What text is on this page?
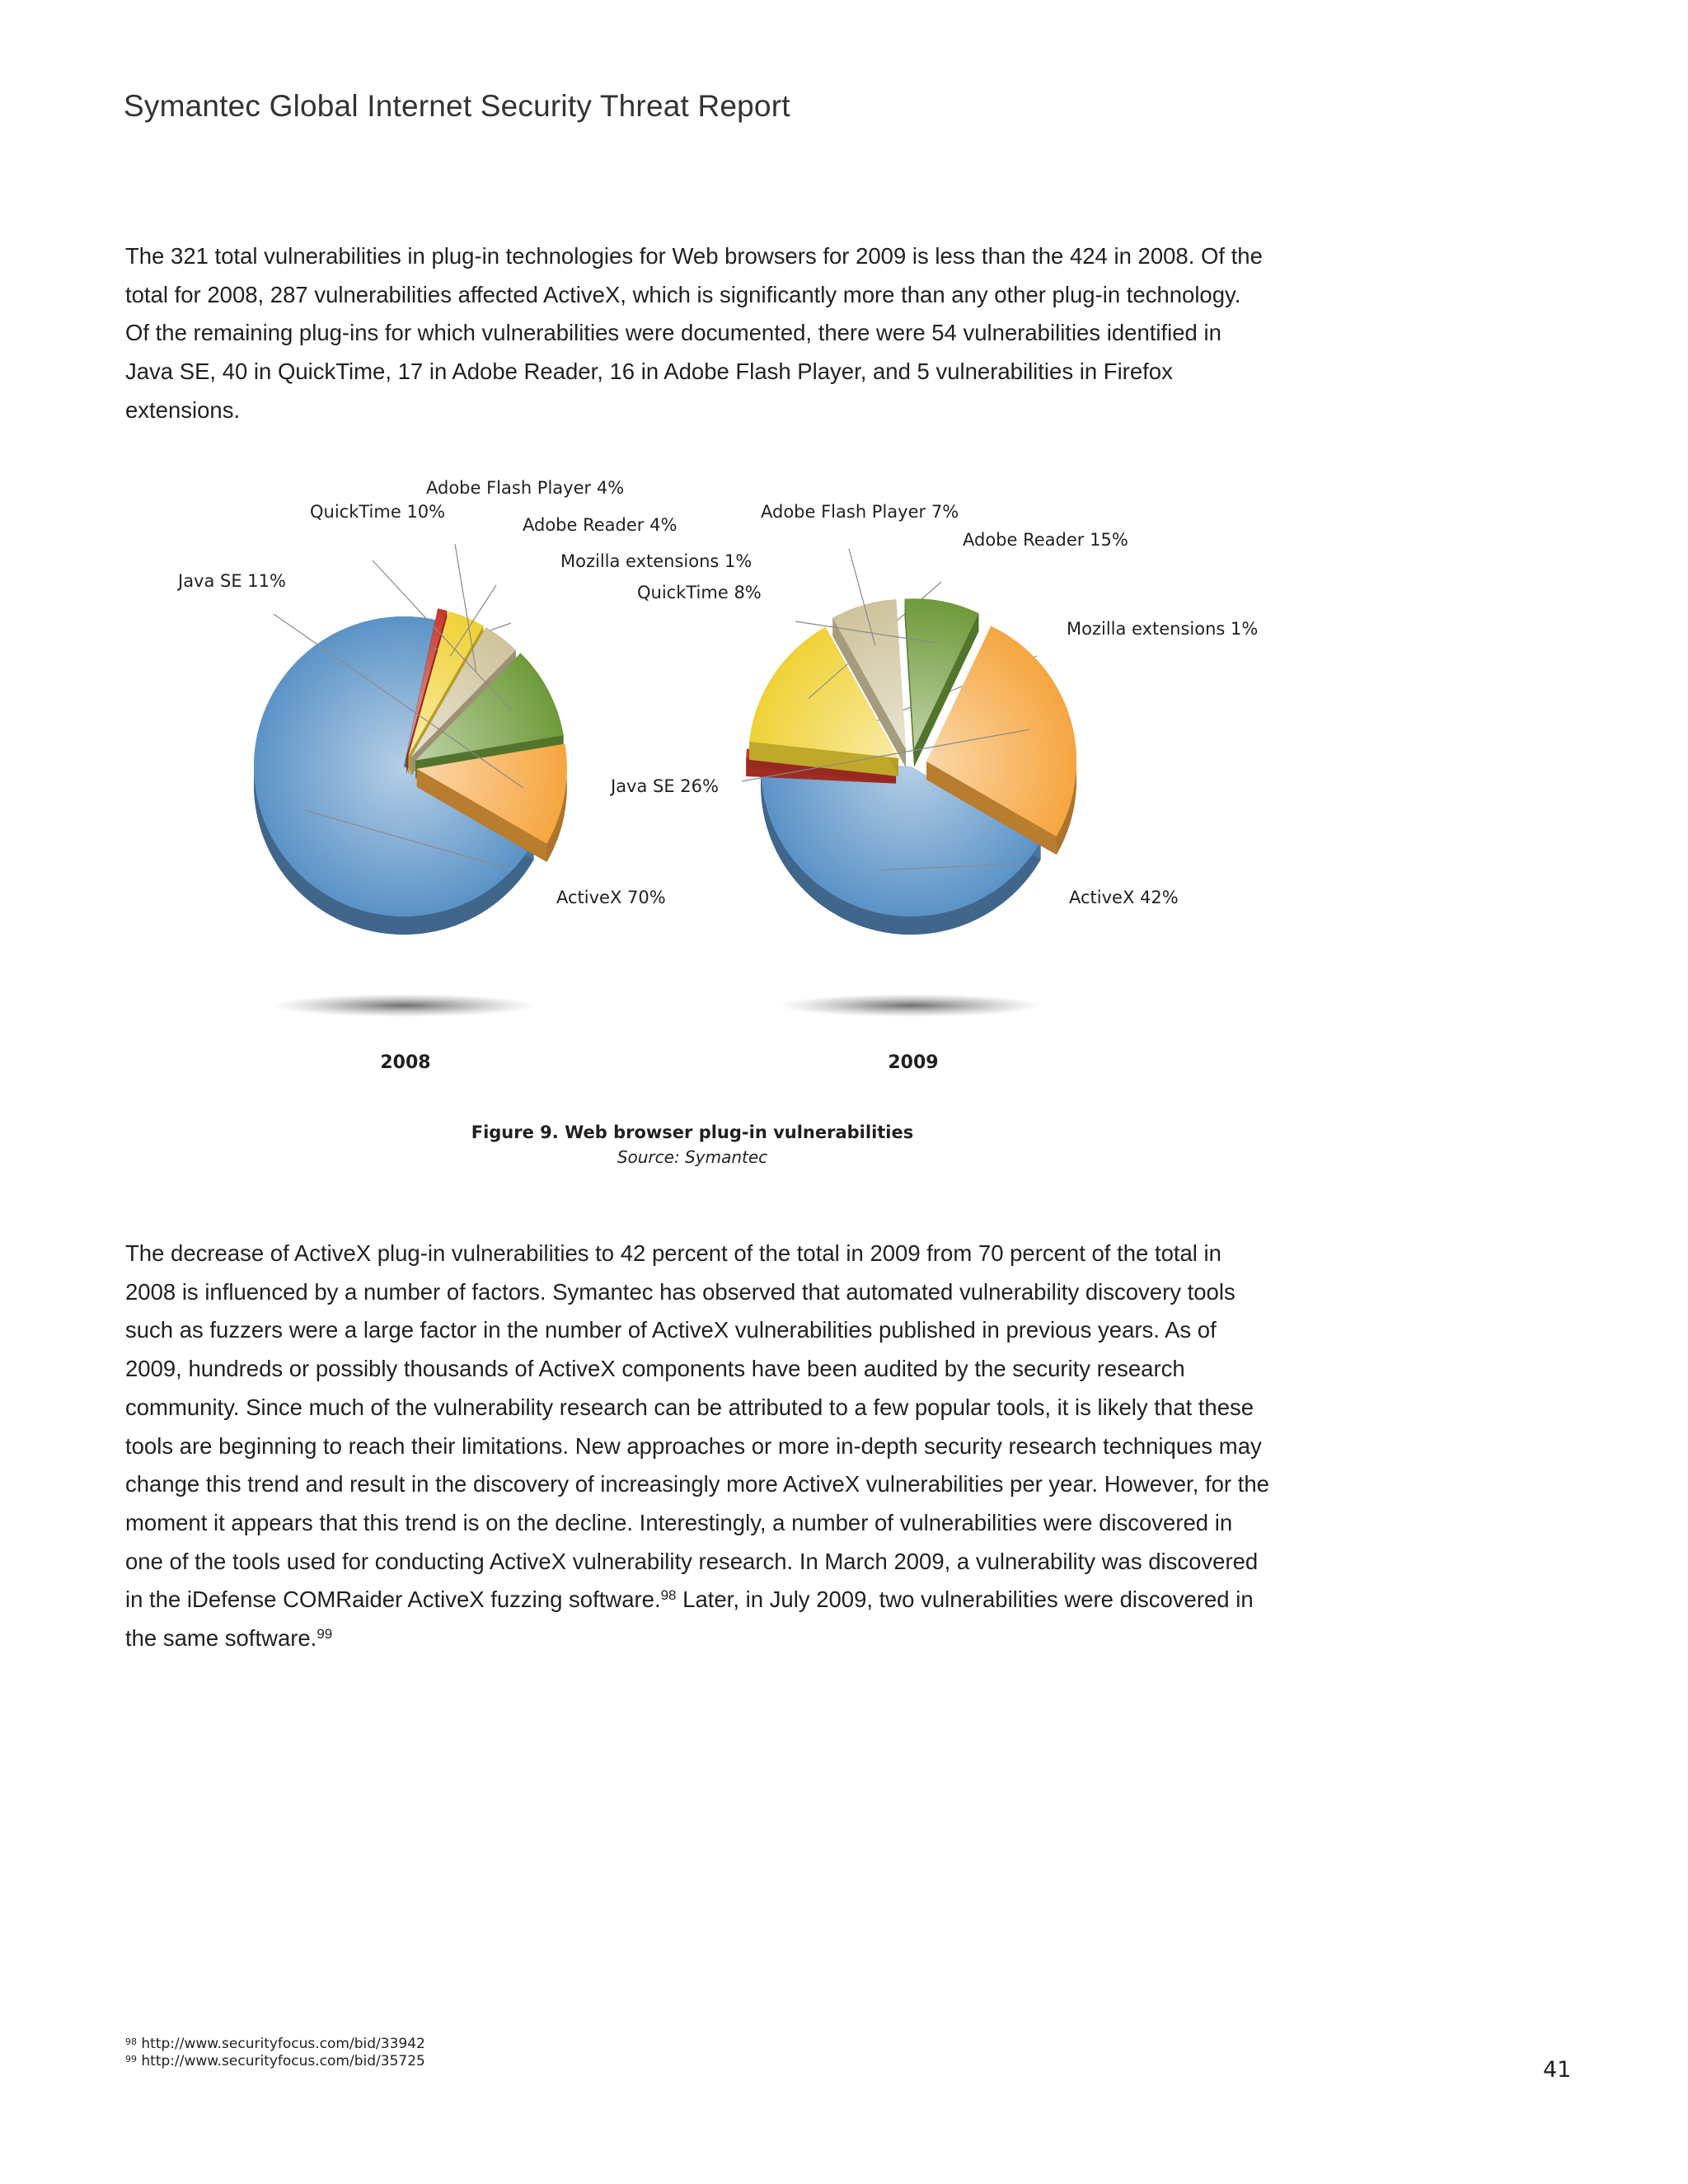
Symantec Global Internet Security Threat Report

The 321 total vulnerabilities in plug-in technologies for Web browsers for 2009 is less than the 424 in 2008. Of the total for 2008, 287 vulnerabilities affected ActiveX, which is significantly more than any other plug-in technology. Of the remaining plug-ins for which vulnerabilities were documented, there were 54 vulnerabilities identified in Java SE, 40 in QuickTime, 17 in Adobe Reader, 16 in Adobe Flash Player, and 5 vulnerabilities in Firefox extensions.

ActiveX 70%
Mozilla extensions 1%
Adobe Reader 4%
Adobe Flash Player 4%
QuickTime 10%
Java SE 11%
2008
ActiveX 42%
Mozilla extensions 1%
Adobe Reader 15%
Adobe Flash Player 7%
QuickTime 8%
Java SE 26%
2009
Figure 9. Web browser plug-in vulnerabilities
Source: Symantec

The decrease of ActiveX plug-in vulnerabilities to 42 percent of the total in 2009 from 70 percent of the total in 2008 is influenced by a number of factors. Symantec has observed that automated vulnerability discovery tools such as fuzzers were a large factor in the number of ActiveX vulnerabilities published in previous years. As of 2009, hundreds or possibly thousands of ActiveX components have been audited by the security research community. Since much of the vulnerability research can be attributed to a few popular tools, it is likely that these tools are beginning to reach their limitations. New approaches or more in-depth security research techniques may change this trend and result in the discovery of increasingly more ActiveX vulnerabilities per year. However, for the moment it appears that this trend is on the decline. Interestingly, a number of vulnerabilities were discovered in one of the tools used for conducting ActiveX vulnerability research. In March 2009, a vulnerability was discovered in the iDefense COMRaider ActiveX fuzzing software.$^{98}$ Later, in July 2009, two vulnerabilities were discovered in the same software.$^{99}$

$^{98}$ http://www.securityfocus.com/bid/33942
$^{99}$ http://www.securityfocus.com/bid/35725	41
